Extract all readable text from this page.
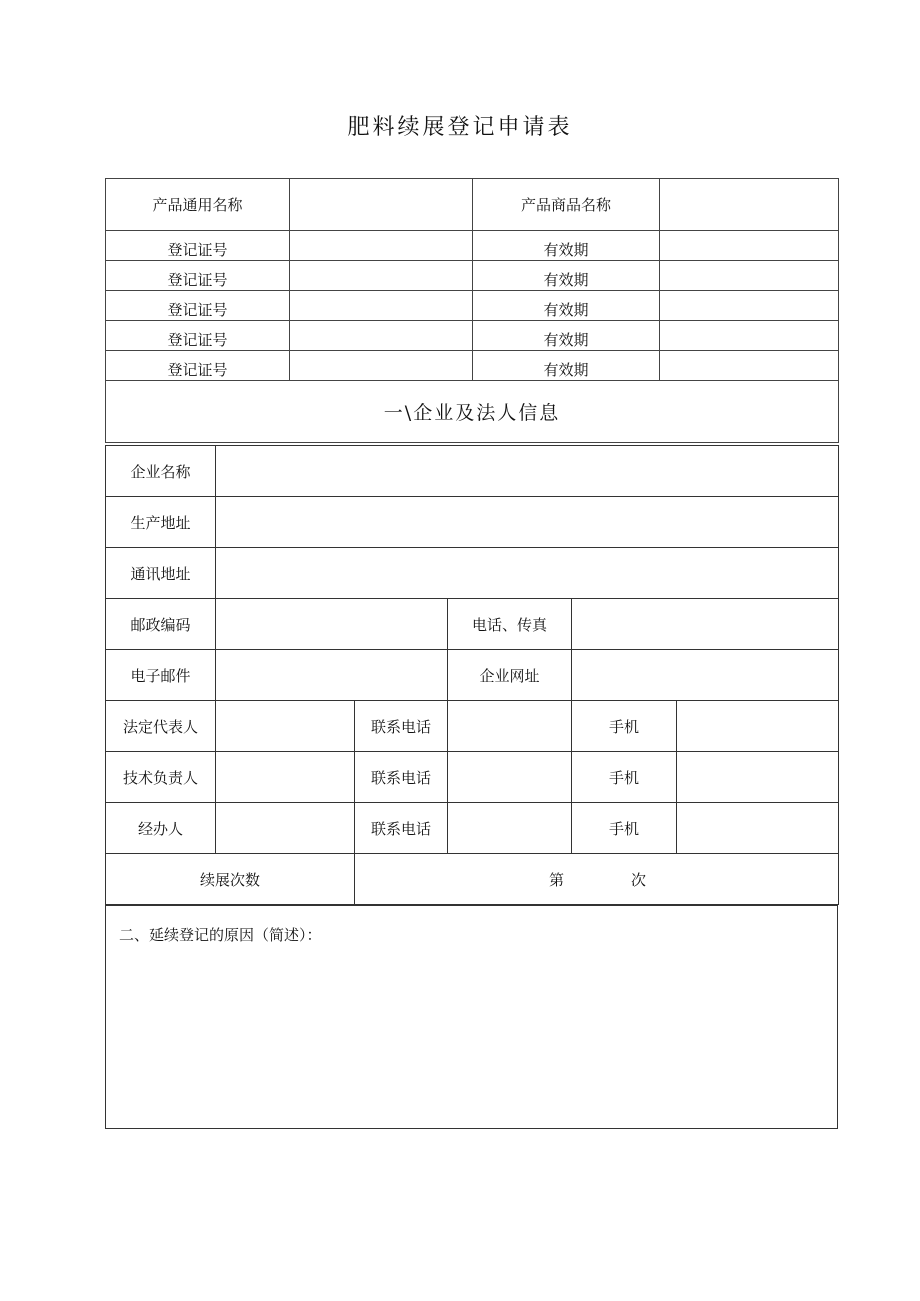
肥料续展登记申请表
产品通用名称		产品商品名称	
登记证号		有效期	
登记证号		有效期	
登记证号		有效期	
登记证号		有效期	
登记证号		有效期	
一\企业及法人信息			
企业名称					
生产地址					
通讯地址					
邮政编码			电话、传真		
电子邮件			企业网址		
法定代表人		联系电话		手机	
技术负责人		联系电话		手机	
经办人		联系电话		手机	
续展次数		第 次			
二、延续登记的原因（简述）：
